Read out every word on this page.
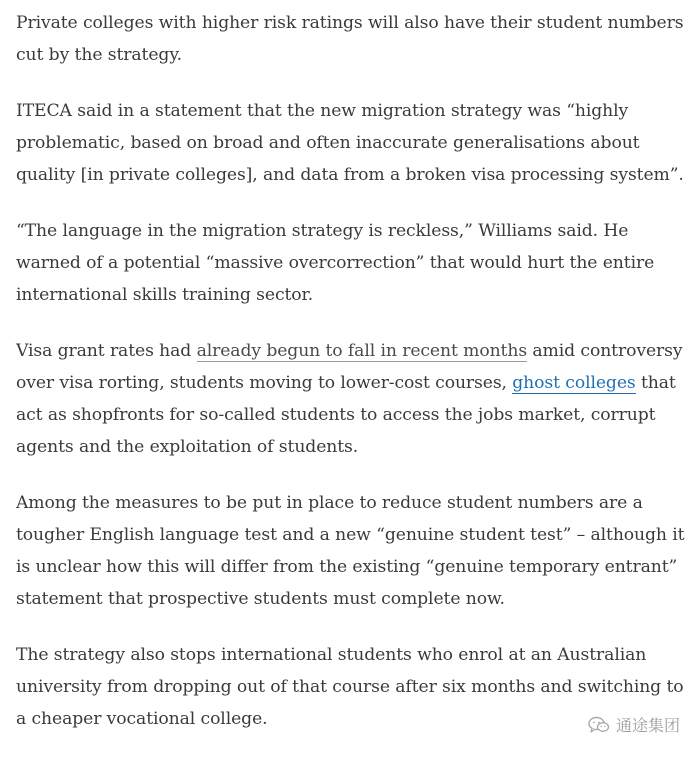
Private colleges with higher risk ratings will also have their student numbers cut by the strategy.

ITECA said in a statement that the new migration strategy was “highly problematic, based on broad and often inaccurate generalisations about quality [in private colleges], and data from a broken visa processing system”.

“The language in the migration strategy is reckless,” Williams said. He warned of a potential “massive overcorrection” that would hurt the entire international skills training sector.

Visa grant rates had already begun to fall in recent months amid controversy over visa rorting, students moving to lower-cost courses, ghost colleges that act as shopfronts for so-called students to access the jobs market, corrupt agents and the exploitation of students.

Among the measures to be put in place to reduce student numbers are a tougher English language test and a new “genuine student test” – although it is unclear how this will differ from the existing “genuine temporary entrant” statement that prospective students must complete now.

The strategy also stops international students who enrol at an Australian university from dropping out of that course after six months and switching to a cheaper vocational college.	通途集团
